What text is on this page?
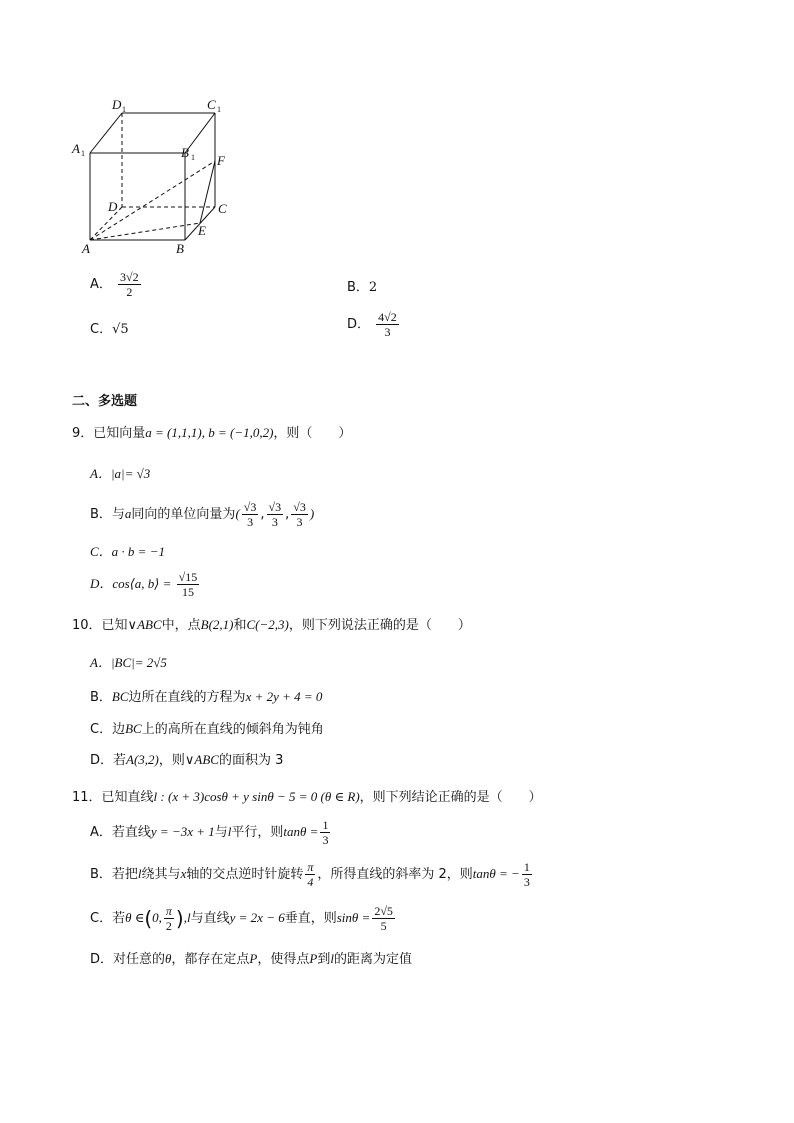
D 1	C 1
A 1	B 1 F
D	C
E
A	B
A． $\frac{3√2}{2}$	B．2
C．√5	D． $\frac{4√2}{3}$
二、多选题
9．已知向量a = (1,1,1), b = (−1,0,2)，则（　　）
A．|a|= √3
B．与a同向的单位向量为( $\frac{√3}{3}$ , $\frac{√3}{3}$ , $\frac{√3}{3}$ )
C．a · b = −1
D．cos⟨a, b⟩ = $\frac{√15}{15}$
10．已知∨ABC中，点B(2,1)和C(−2,3)，则下列说法正确的是（　　）
A．|BC|= 2√5
B．BC边所在直线的方程为x + 2y + 4 = 0
C．边BC上的高所在直线的倾斜角为钝角
D．若A(3,2)，则∨ABC的面积为 3
11．已知直线l : (x + 3)cosθ + y sinθ − 5 = 0 (θ ∈ R)，则下列结论正确的是（　　）
A．若直线y = −3x + 1与l平行，则$\tan\theta = \frac{1}{3}$
B．若把l绕其与x轴的交点逆时针旋转 $\frac{\pi}{4}$ ，所得直线的斜率为 2，则tanθ = − $\frac{1}{3}$
C．若θ ∈(0, $\frac{\pi}{2} ),l$与直线y = 2x − 6垂直，则$\sin\theta = \frac{2√5}{5}$
D．对任意的θ，都存在定点P，使得点P到l的距离为定值
